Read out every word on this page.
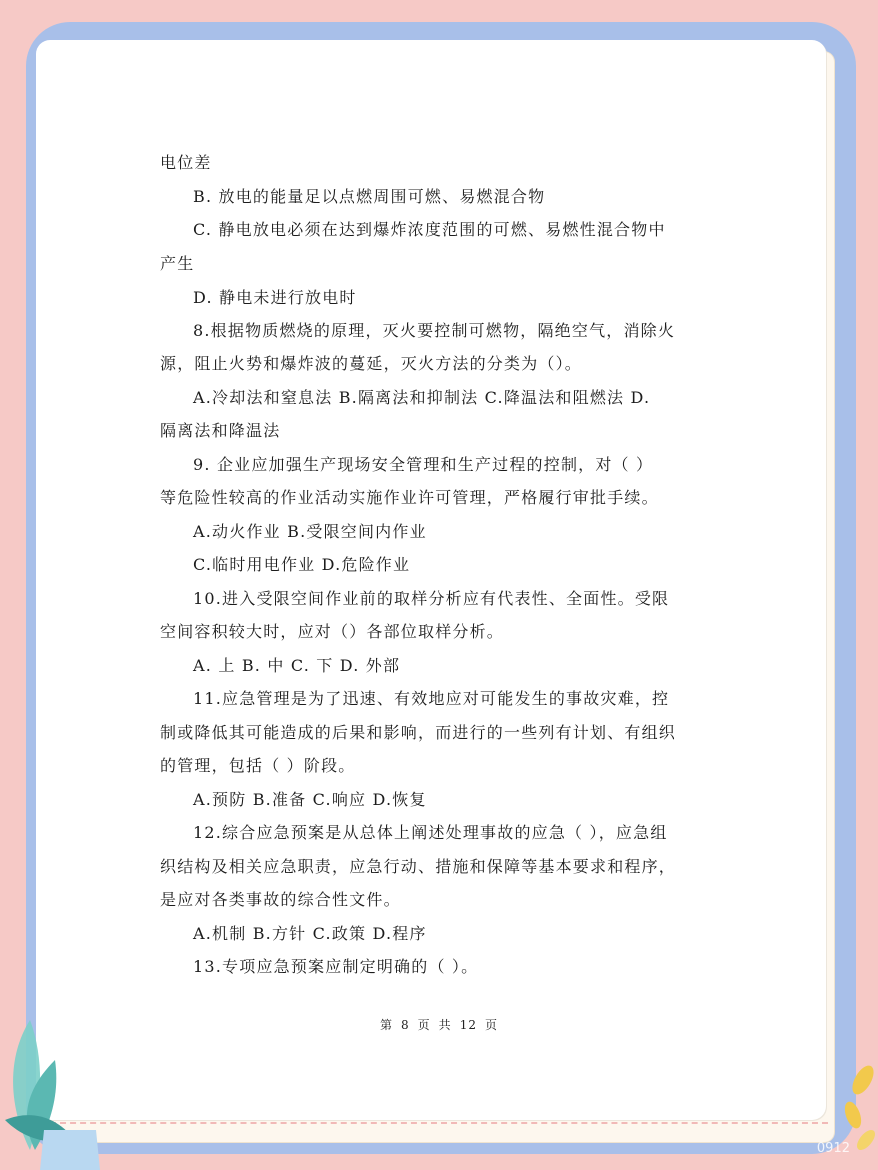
电位差
B. 放电的能量足以点燃周围可燃、易燃混合物
C. 静电放电必须在达到爆炸浓度范围的可燃、易燃性混合物中
产生
D. 静电未进行放电时
8.根据物质燃烧的原理，灭火要控制可燃物，隔绝空气，消除火
源，阻止火势和爆炸波的蔓延，灭火方法的分类为（）。
A.冷却法和窒息法 B.隔离法和抑制法 C.降温法和阻燃法 D.
隔离法和降温法
9. 企业应加强生产现场安全管理和生产过程的控制，对（ ）
等危险性较高的作业活动实施作业许可管理，严格履行审批手续。
A.动火作业 B.受限空间内作业
C.临时用电作业 D.危险作业
10.进入受限空间作业前的取样分析应有代表性、全面性。受限
空间容积较大时，应对（）各部位取样分析。
A. 上 B. 中 C. 下 D. 外部
11.应急管理是为了迅速、有效地应对可能发生的事故灾难，控
制或降低其可能造成的后果和影响，而进行的一些列有计划、有组织
的管理，包括（ ）阶段。
A.预防 B.准备 C.响应 D.恢复
12.综合应急预案是从总体上阐述处理事故的应急（ ），应急组
织结构及相关应急职责，应急行动、措施和保障等基本要求和程序，
是应对各类事故的综合性文件。
A.机制 B.方针 C.政策 D.程序
13.专项应急预案应制定明确的（ ）。
第 8 页 共 12 页
0912
